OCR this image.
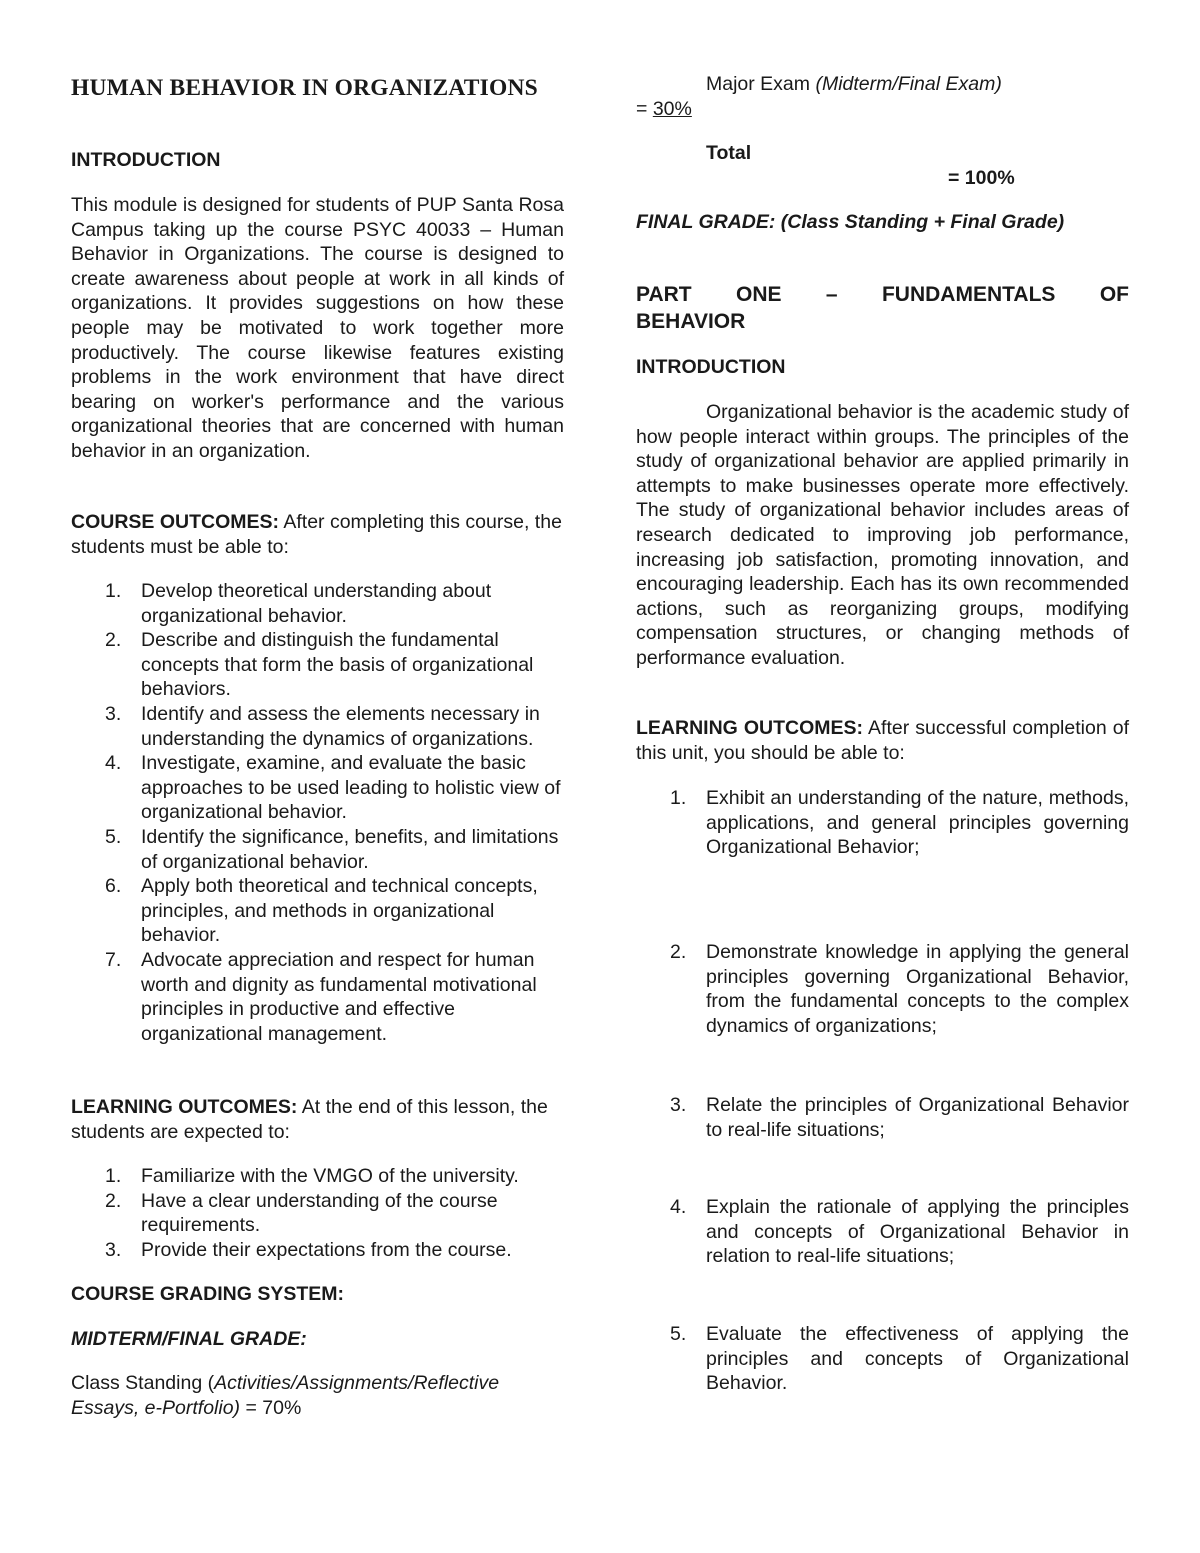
HUMAN BEHAVIOR IN ORGANIZATIONS
INTRODUCTION
This module is designed for students of PUP Santa Rosa Campus taking up the course PSYC 40033 – Human Behavior in Organizations. The course is designed to create awareness about people at work in all kinds of organizations. It provides suggestions on how these people may be motivated to work together more productively. The course likewise features existing problems in the work environment that have direct bearing on worker's performance and the various organizational theories that are concerned with human behavior in an organization.
COURSE OUTCOMES: After completing this course, the students must be able to:
1.	Develop theoretical understanding about organizational behavior.
2.	Describe and distinguish the fundamental concepts that form the basis of organizational behaviors.
3.	Identify and assess the elements necessary in understanding the dynamics of organizations.
4.	Investigate, examine, and evaluate the basic approaches to be used leading to holistic view of organizational behavior.
5.	Identify the significance, benefits, and limitations of organizational behavior.
6.	Apply both theoretical and technical concepts, principles, and methods in organizational behavior.
7.	Advocate appreciation and respect for human worth and dignity as fundamental motivational principles in productive and effective organizational management.
LEARNING OUTCOMES: At the end of this lesson, the students are expected to:
1.	Familiarize with the VMGO of the university.
2.	Have a clear understanding of the course requirements.
3.	Provide their expectations from the course.
COURSE GRADING SYSTEM:
MIDTERM/FINAL GRADE:
Class Standing (Activities/Assignments/Reflective Essays, e-Portfolio) = 70%
Major Exam (Midterm/Final Exam)
= 30%
Total
= 100%
FINAL GRADE: (Class Standing + Final Grade)
PART ONE – FUNDAMENTALS OF
BEHAVIOR
INTRODUCTION
Organizational behavior is the academic study of how people interact within groups. The principles of the study of organizational behavior are applied primarily in attempts to make businesses operate more effectively. The study of organizational behavior includes areas of research dedicated to improving job performance, increasing job satisfaction, promoting innovation, and encouraging leadership. Each has its own recommended actions, such as reorganizing groups, modifying compensation structures, or changing methods of performance evaluation.
LEARNING OUTCOMES: After successful completion of this unit, you should be able to:
1.	Exhibit an understanding of the nature, methods, applications, and general principles governing Organizational Behavior;
2.	Demonstrate knowledge in applying the general principles governing Organizational Behavior, from the fundamental concepts to the complex dynamics of organizations;
3.	Relate the principles of Organizational Behavior to real-life situations;
4.	Explain the rationale of applying the principles and concepts of Organizational Behavior in relation to real-life situations;
5.	Evaluate the effectiveness of applying the principles and concepts of Organizational Behavior.
